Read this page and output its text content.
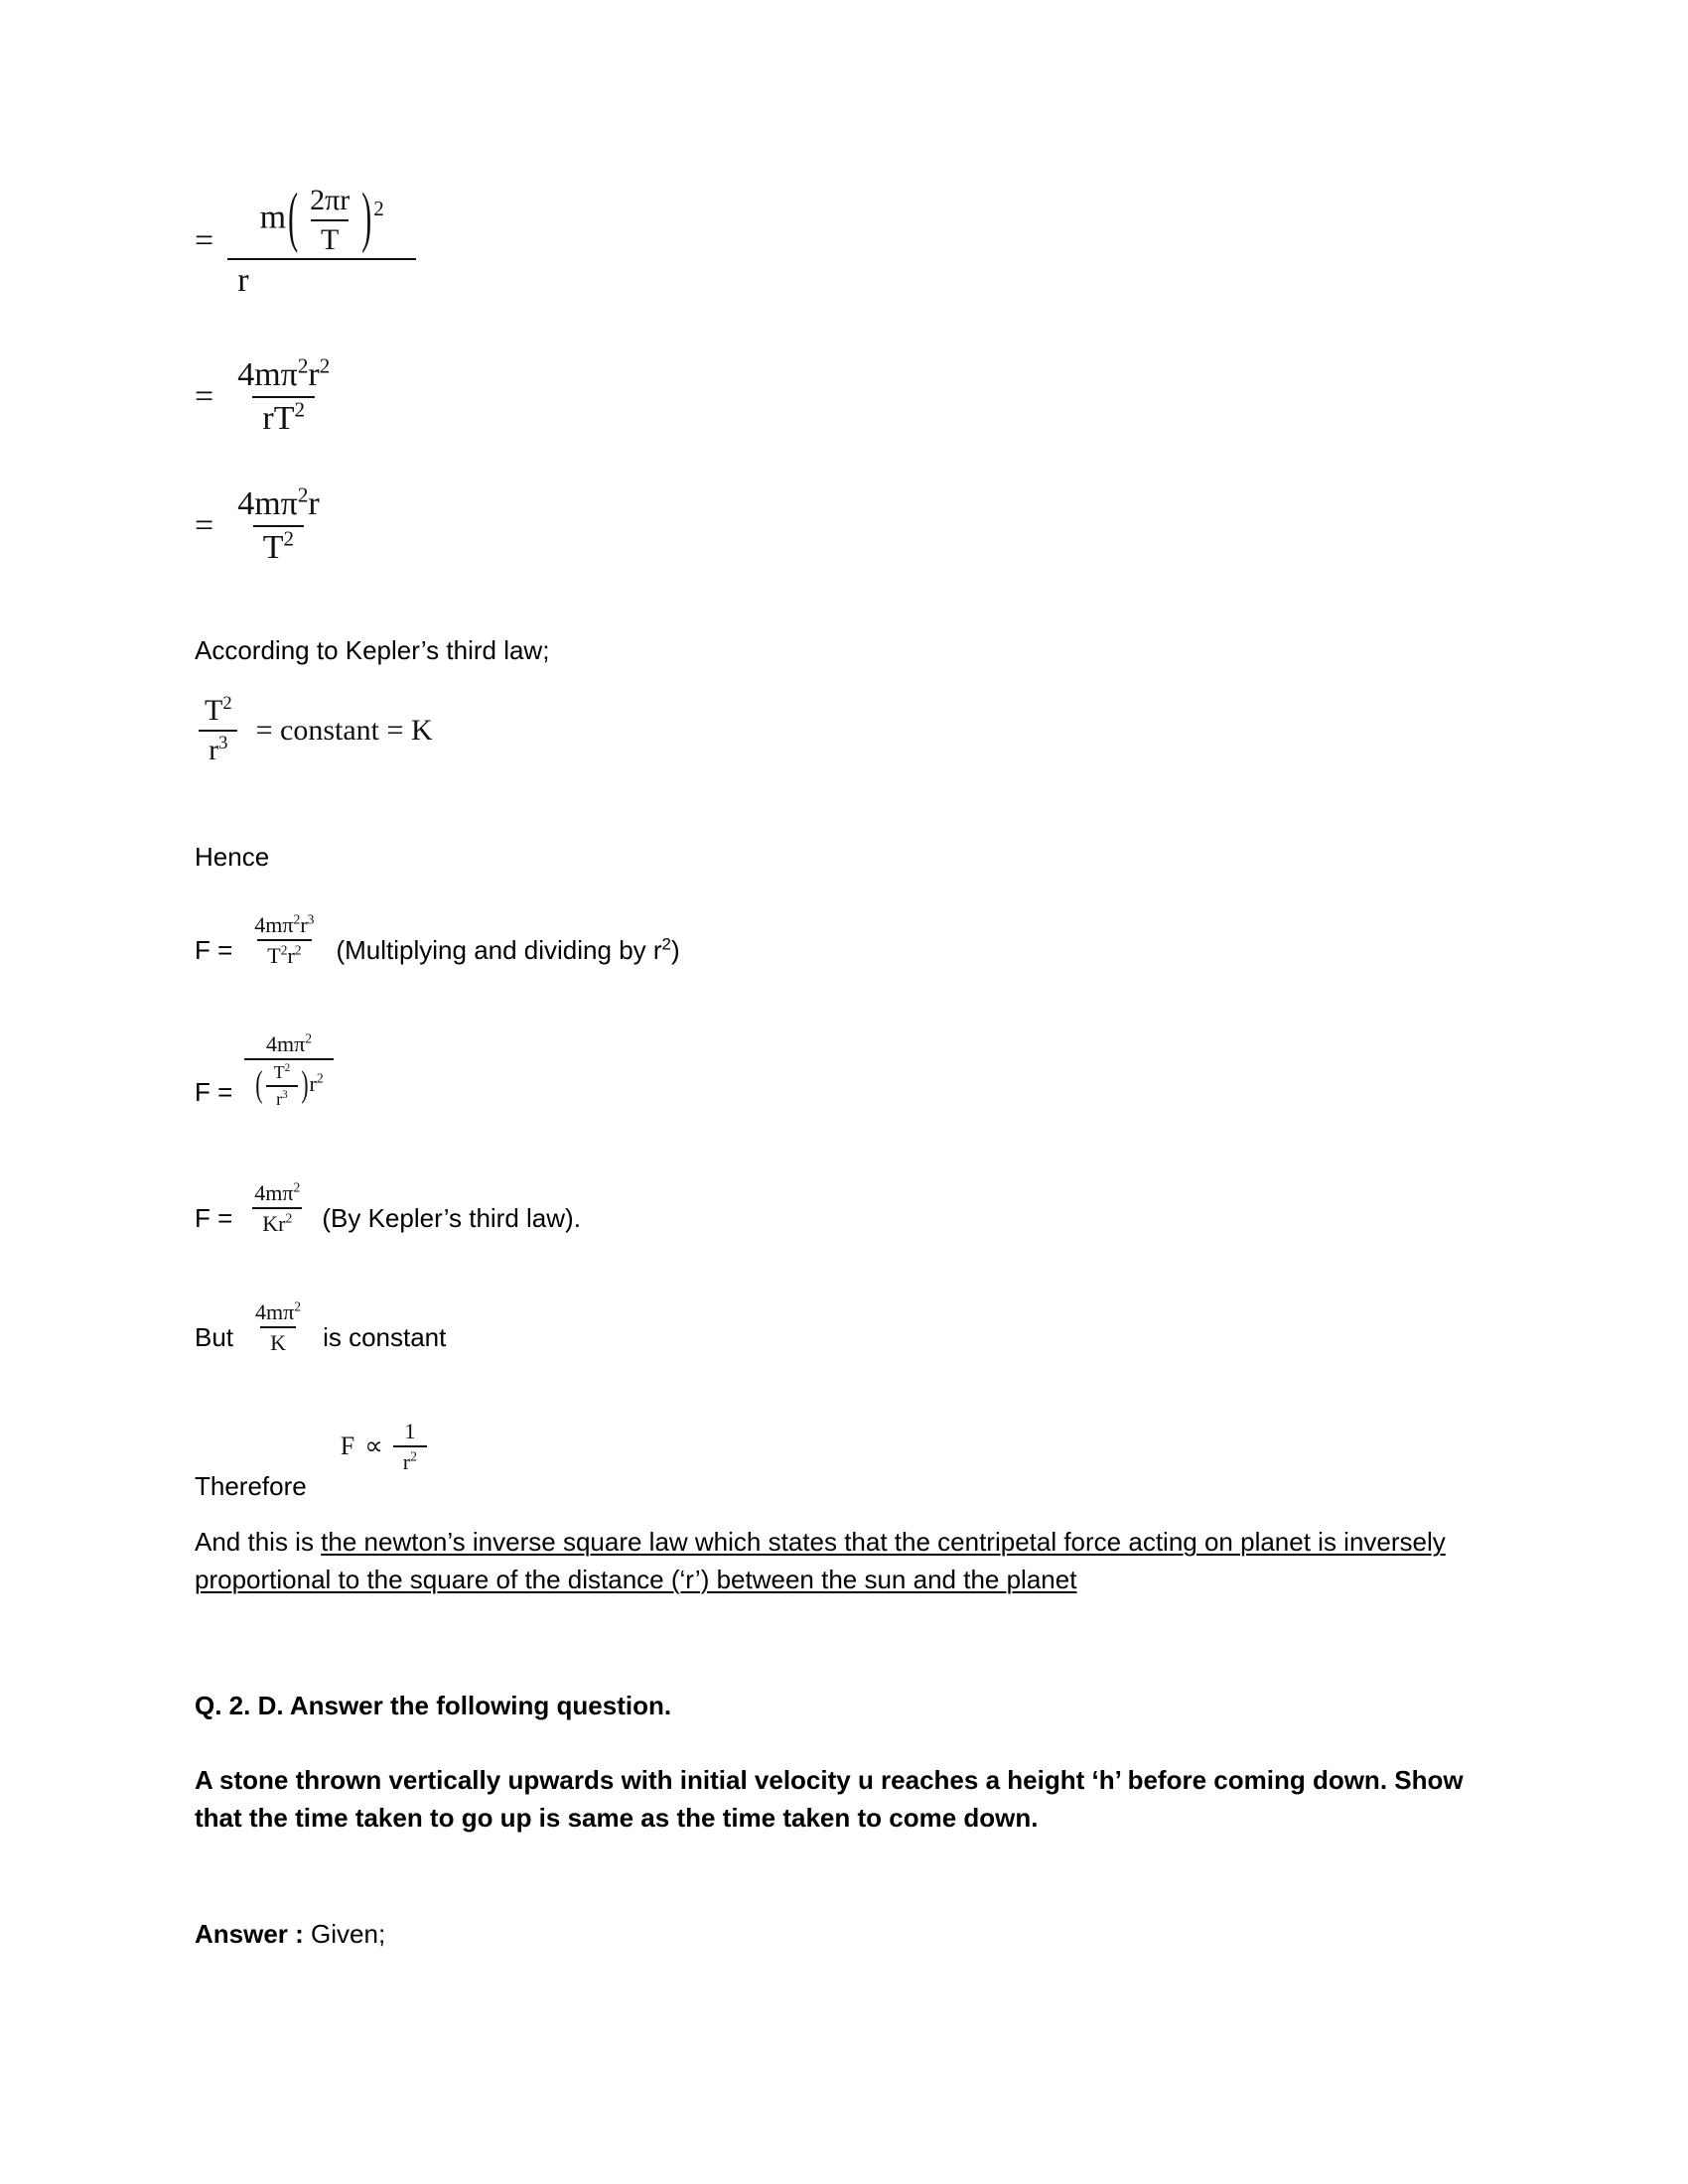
= $\frac{m( \frac{2\pi r}{T} )^2}{r}$
= $\frac{4m\pi^2r^2}{rT^2}$
= $\frac{4m\pi^2r}{T^2}$
According to Kepler’s third law;
$\frac{T^2}{r^3}$ = constant = K
Hence
$F = \frac{4m\pi^2r^3}{T^2r^2}$ (Multiplying and dividing by $r^2$)
$F = \frac{4m\pi^2}{( \frac{T^2}{r^3} )r^2}$
$F = \frac{4m\pi^2}{Kr^2} (By$ Kepler’s third law).
But $\frac{4m\pi^2}{K}$ is constant
Therefore
$F \propto \frac{1}{r^2}$
And this is the newton’s inverse square law which states that the centripetal force acting on planet is inversely proportional to the square of the distance (‘r’) between the sun and the planet
Q. 2. D. Answer the following question.
A stone thrown vertically upwards with initial velocity u reaches a height ‘h’ before coming down. Show that the time taken to go up is same as the time taken to come down.
Answer : Given;
